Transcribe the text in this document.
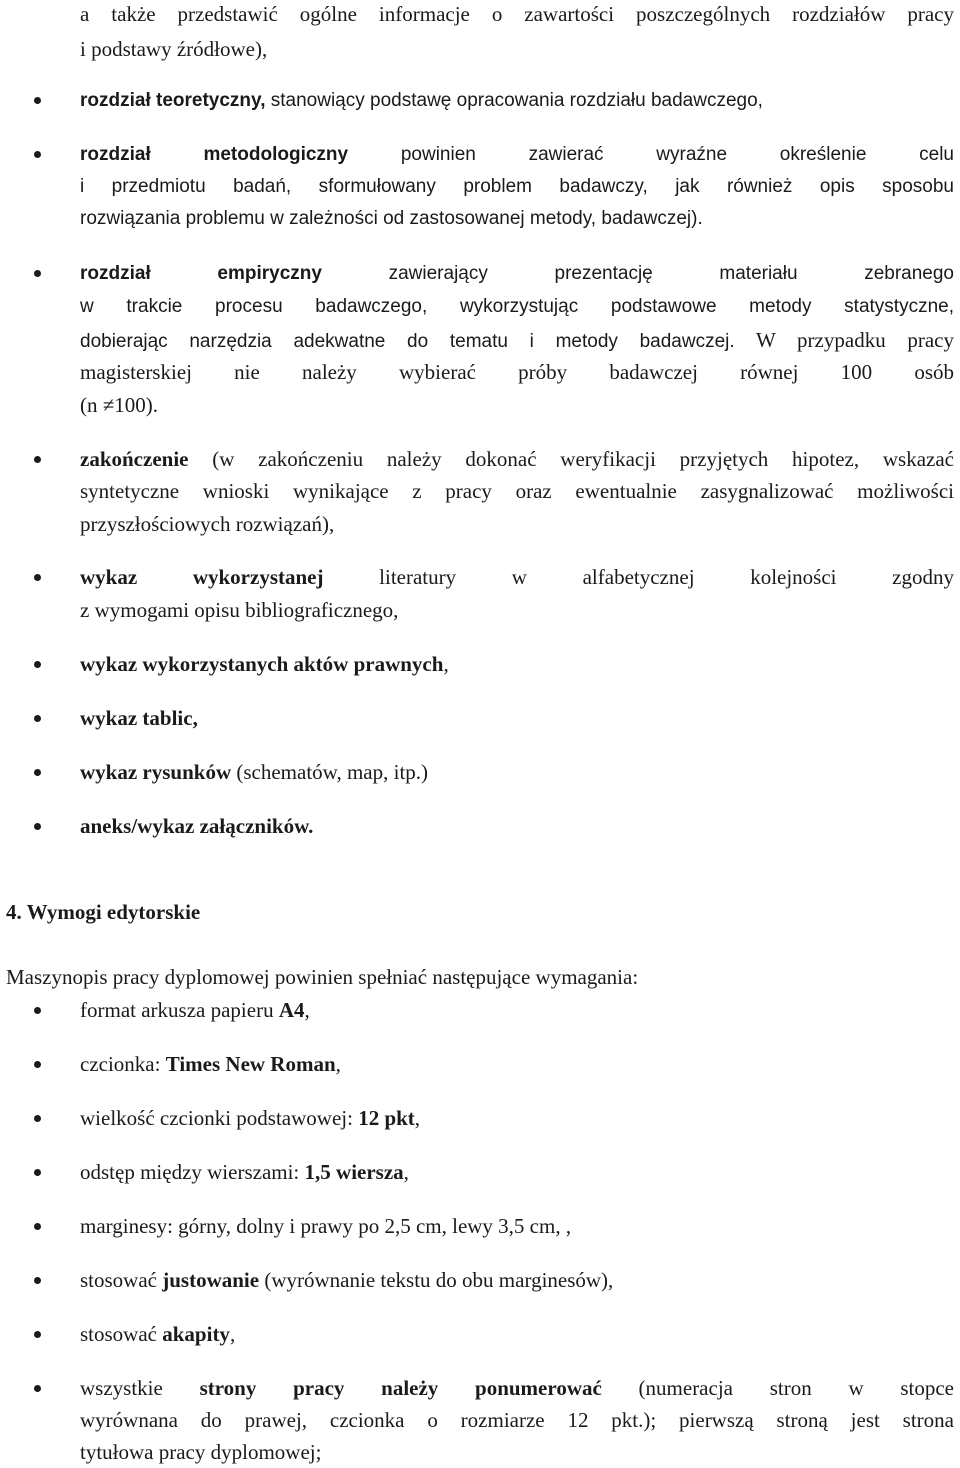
a także przedstawić ogólne informacje o zawartości poszczególnych rozdziałów pracy
i podstawy źródłowe),
rozdział teoretyczny, stanowiący podstawę opracowania rozdziału badawczego,
rozdział metodologiczny powinien zawierać wyraźne określenie celu
i przedmiotu badań, sformułowany problem badawczy, jak również opis sposobu
rozwiązania problemu w zależności od zastosowanej metody, badawczej).
rozdział empiryczny zawierający prezentację materiału zebranego
w trakcie procesu badawczego, wykorzystując podstawowe metody statystyczne,
dobierając narzędzia adekwatne do tematu i metody badawczej. W przypadku pracy
magisterskiej nie należy wybierać próby badawczej równej 100 osób
(n ≠100).
zakończenie (w zakończeniu należy dokonać weryfikacji przyjętych hipotez, wskazać
syntetyczne wnioski wynikające z pracy oraz ewentualnie zasygnalizować możliwości
przyszłościowych rozwiązań),
wykaz wykorzystanej literatury w alfabetycznej kolejności zgodny
z wymogami opisu bibliograficznego,
wykaz wykorzystanych aktów prawnych,
wykaz tablic,
wykaz rysunków (schematów, map, itp.)
aneks/wykaz załączników.
4. Wymogi edytorskie
Maszynopis pracy dyplomowej powinien spełniać następujące wymagania:
format arkusza papieru A4,
czcionka: Times New Roman,
wielkość czcionki podstawowej: 12 pkt,
odstęp między wierszami: 1,5 wiersza,
marginesy: górny, dolny i prawy po 2,5 cm, lewy 3,5 cm, ,
stosować justowanie (wyrównanie tekstu do obu marginesów),
stosować akapity,
wszystkie strony pracy należy ponumerować (numeracja stron w stopce
wyrównana do prawej, czcionka o rozmiarze 12 pkt.); pierwszą stroną jest strona
tytułowa pracy dyplomowej;
